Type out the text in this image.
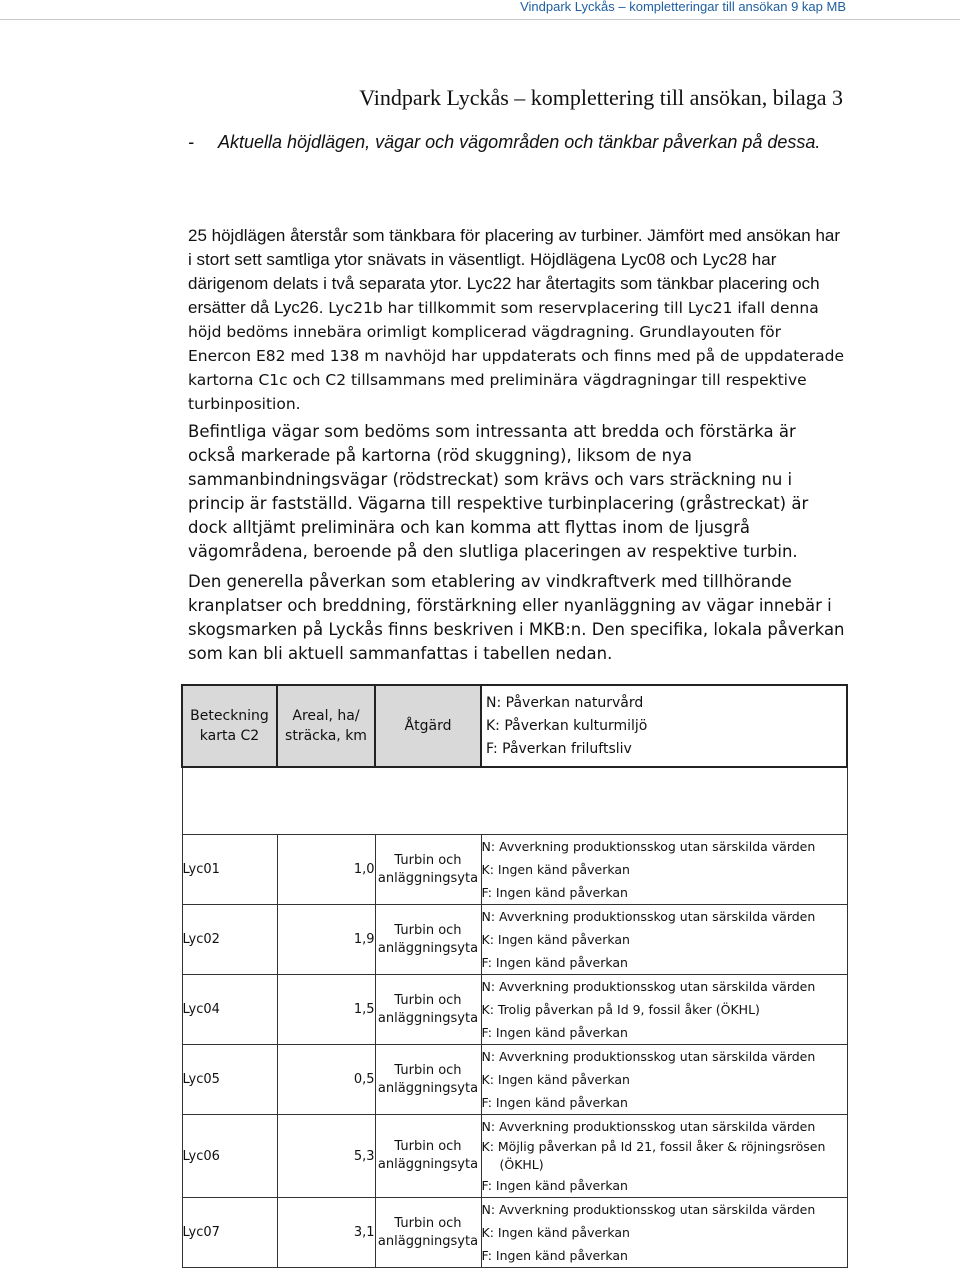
Vindpark Lyckås – kompletteringar till ansökan 9 kap MB
Vindpark Lyckås – komplettering till ansökan, bilaga 3
- Aktuella höjdlägen, vägar och vägområden och tänkbar påverkan på dessa.
25 höjdlägen återstår som tänkbara för placering av turbiner. Jämfört med ansökan har i stort sett samtliga ytor snävats in väsentligt. Höjdlägena Lyc08 och Lyc28 har därigenom delats i två separata ytor. Lyc22 har återtagits som tänkbar placering och ersätter då Lyc26. Lyc21b har tillkommit som reservplacering till Lyc21 ifall denna höjd bedöms innebära orimligt komplicerad vägdragning. Grundlayouten för Enercon E82 med 138 m navhöjd har uppdaterats och finns med på de uppdaterade kartorna C1c och C2 tillsammans med preliminära vägdragningar till respektive turbinposition.
Befintliga vägar som bedöms som intressanta att bredda och förstärka är också markerade på kartorna (röd skuggning), liksom de nya sammanbindningsvägar (rödstreckat) som krävs och vars sträckning nu i princip är fastställd. Vägarna till respektive turbinplacering (gråstreckat) är dock alltjämt preliminära och kan komma att flyttas inom de ljusgrå vägområdena, beroende på den slutliga placeringen av respektive turbin.
Den generella påverkan som etablering av vindkraftverk med tillhörande kranplatser och breddning, förstärkning eller nyanläggning av vägar innebär i skogsmarken på Lyckås finns beskriven i MKB:n. Den specifika, lokala påverkan som kan bli aktuell sammanfattas i tabellen nedan.
Beteckning karta C2	Areal, ha/ sträcka, km	Åtgärd	N: Påverkan naturvård
K: Påverkan kulturmiljö
F: Påverkan friluftsliv

Lyc01	1,0	Turbin och anläggningsyta	N: Avverkning produktionsskog utan särskilda värden
K: Ingen känd påverkan
F: Ingen känd påverkan

Lyc02	1,9	Turbin och anläggningsyta	N: Avverkning produktionsskog utan särskilda värden
K: Ingen känd påverkan
F: Ingen känd påverkan

Lyc04	1,5	Turbin och anläggningsyta	N: Avverkning produktionsskog utan särskilda värden
K: Trolig påverkan på Id 9, fossil åker (ÖKHL)
F: Ingen känd påverkan

Lyc05	0,5	Turbin och anläggningsyta	N: Avverkning produktionsskog utan särskilda värden
K: Ingen känd påverkan
F: Ingen känd påverkan

Lyc06	5,3	Turbin och anläggningsyta	N: Avverkning produktionsskog utan särskilda värden
K: Möjlig påverkan på Id 21, fossil åker & röjningsrösen (ÖKHL)
F: Ingen känd påverkan

Lyc07	3,1	Turbin och anläggningsyta	N: Avverkning produktionsskog utan särskilda värden
K: Ingen känd påverkan
F: Ingen känd påverkan
